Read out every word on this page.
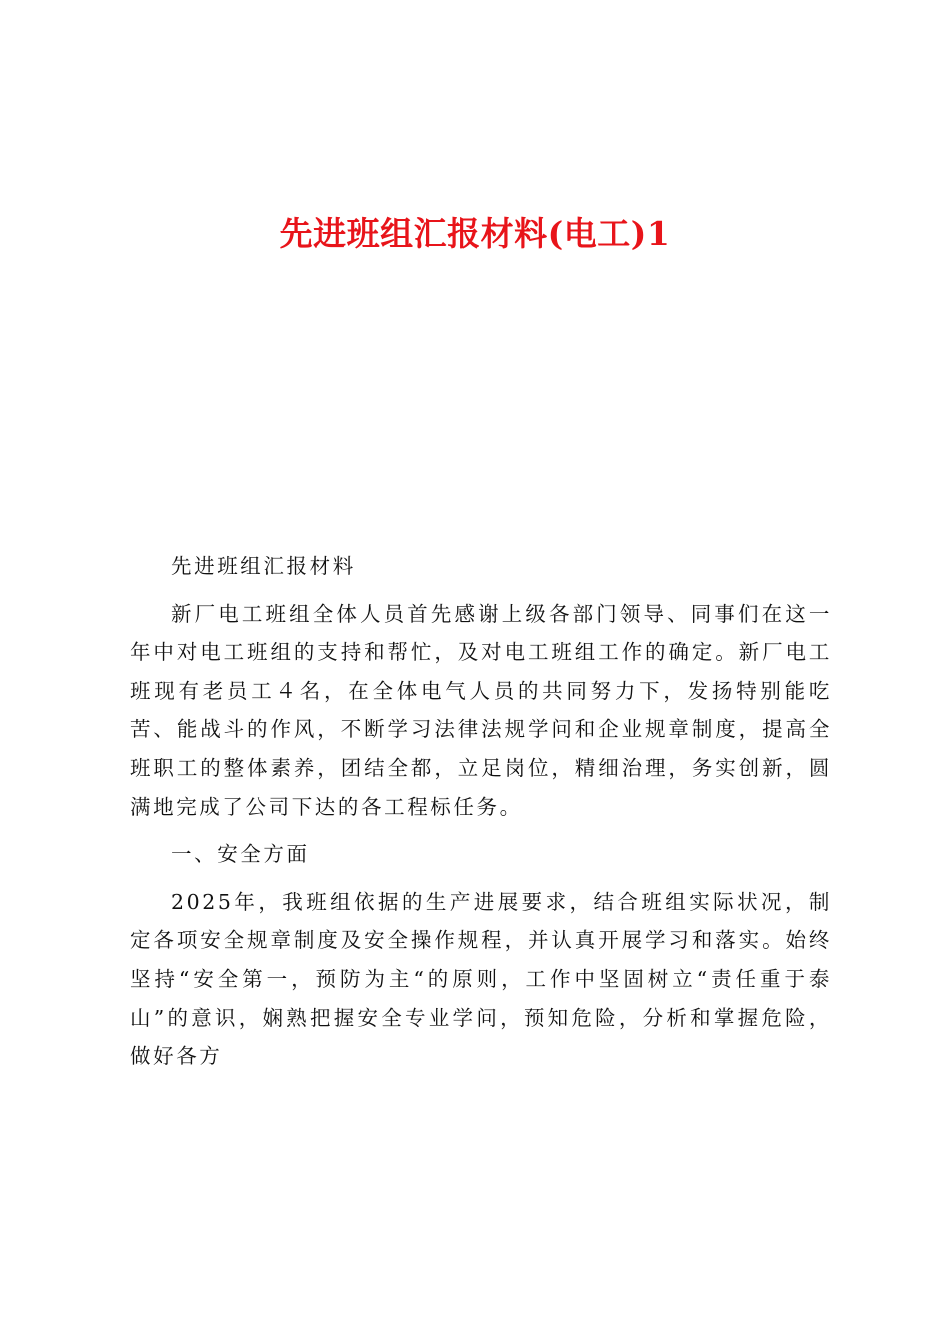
先进班组汇报材料(电工)1

先进班组汇报材料

新厂电工班组全体人员首先感谢上级各部门领导、同事们在这一年中对电工班组的支持和帮忙，及对电工班组工作的确定。新厂电工班现有老员工４名，在全体电气人员的共同努力下，发扬特别能吃苦、能战斗的作风，不断学习法律法规学问和企业规章制度，提高全班职工的整体素养，团结全都，立足岗位，精细治理，务实创新，圆满地完成了公司下达的各工程标任务。

一、安全方面

2025年，我班组依据的生产进展要求，结合班组实际状况，制定各项安全规章制度及安全操作规程，并认真开展学习和落实。始终坚持“安全第一，预防为主“的原则，工作中坚固树立“责任重于泰山”的意识，娴熟把握安全专业学问，预知危险，分析和掌握危险，做好各方
